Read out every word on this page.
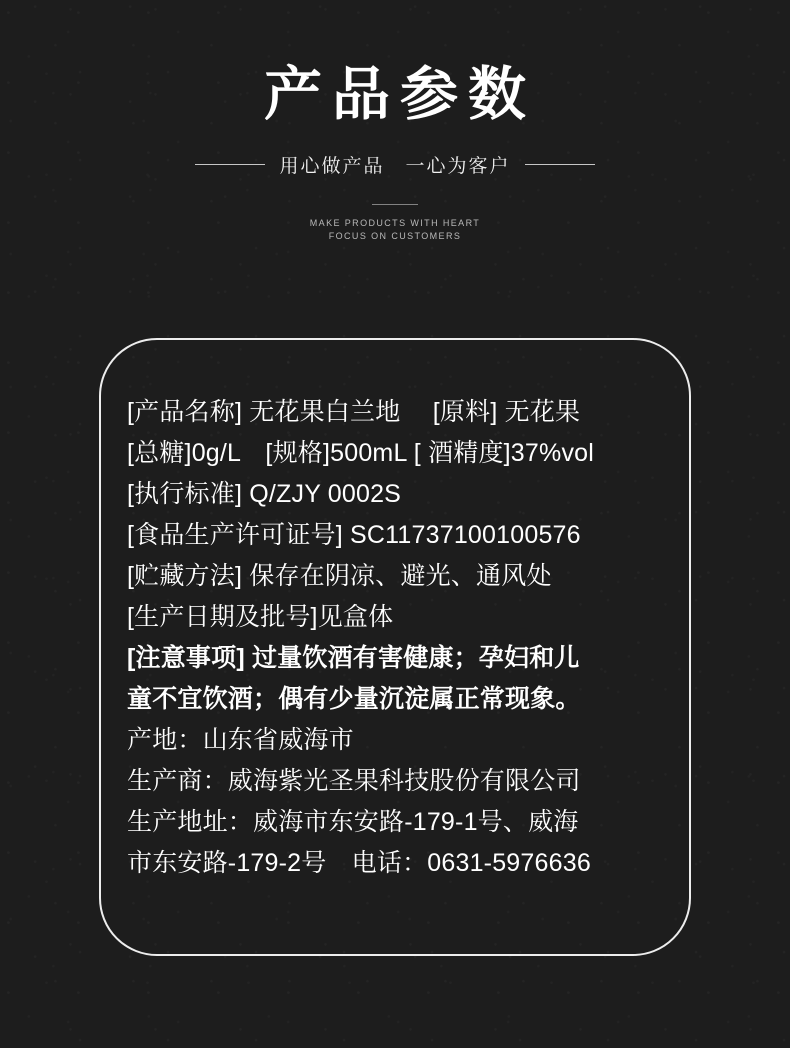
产品参数
用心做产品　一心为客户
MAKE PRODUCTS WITH HEART
FOCUS ON CUSTOMERS
[产品名称] 无花果白兰地　 [原料] 无花果
[总糖]0g/L　[规格]500mL [ 酒精度]37%vol
[执行标准] Q/ZJY 0002S
[食品生产许可证号] SC11737100100576
[贮藏方法] 保存在阴凉、避光、通风处
[生产日期及批号]见盒体
[注意事项] 过量饮酒有害健康；孕妇和儿
童不宜饮酒；偶有少量沉淀属正常现象。
产地：山东省威海市
生产商：威海紫光圣果科技股份有限公司
生产地址：威海市东安路-179-1号、威海
市东安路-179-2号　电话：0631-5976636
